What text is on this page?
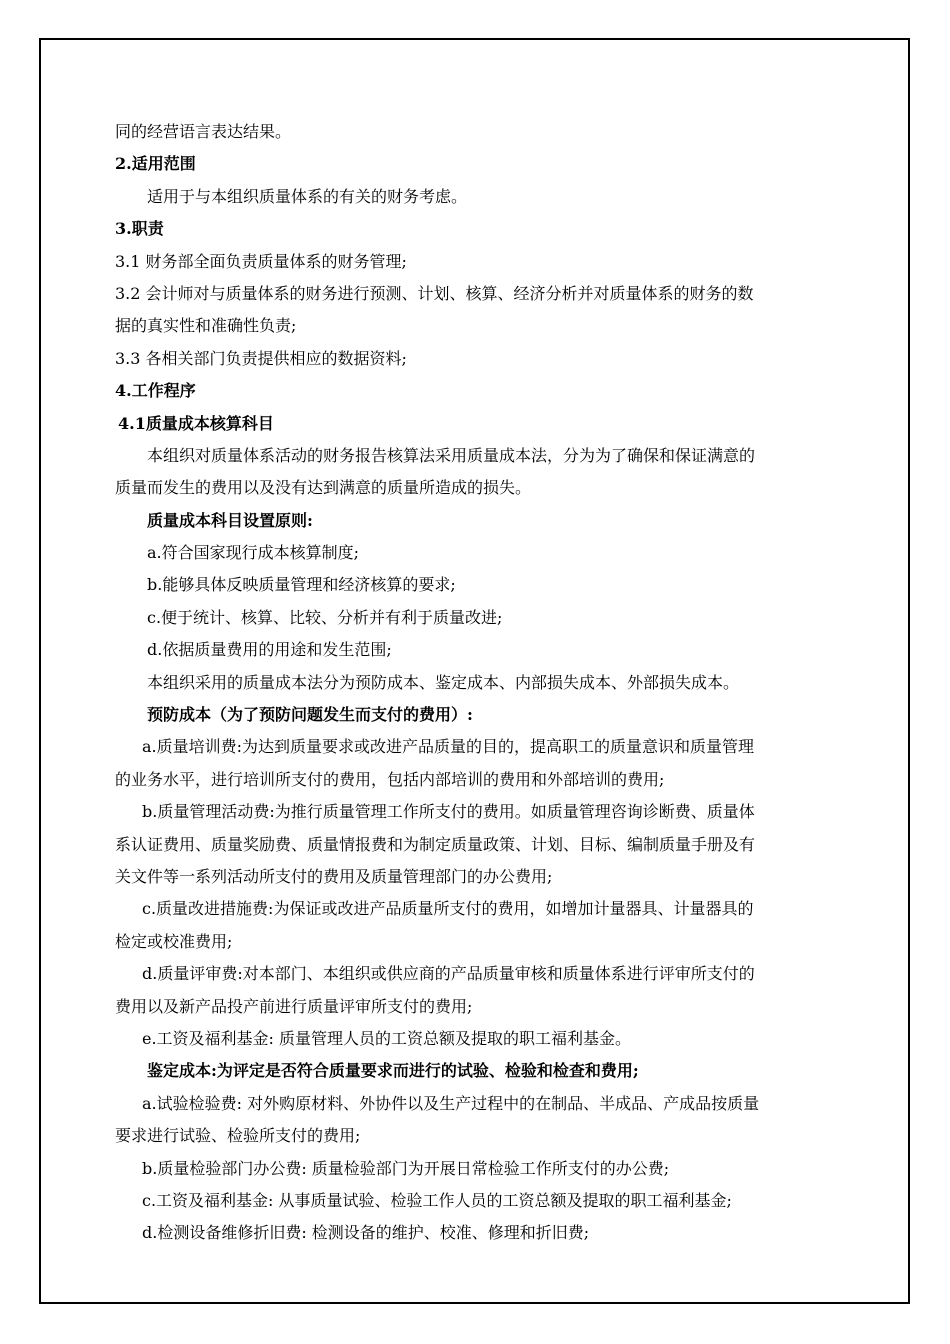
同的经营语言表达结果。
2.适用范围
适用于与本组织质量体系的有关的财务考虑。
3.职责
3.1 财务部全面负责质量体系的财务管理;
3.2 会计师对与质量体系的财务进行预测、计划、核算、经济分析并对质量体系的财务的数
据的真实性和准确性负责;
3.3 各相关部门负责提供相应的数据资料;
4.工作程序
4.1质量成本核算科目
本组织对质量体系活动的财务报告核算法采用质量成本法，分为为了确保和保证满意的
质量而发生的费用以及没有达到满意的质量所造成的损失。
质量成本科目设置原则:
a.符合国家现行成本核算制度;
b.能够具体反映质量管理和经济核算的要求;
c.便于统计、核算、比较、分析并有利于质量改进;
d.依据质量费用的用途和发生范围;
本组织采用的质量成本法分为预防成本、鉴定成本、内部损失成本、外部损失成本。
预防成本（为了预防问题发生而支付的费用）:
a.质量培训费:为达到质量要求或改进产品质量的目的，提高职工的质量意识和质量管理
的业务水平，进行培训所支付的费用，包括内部培训的费用和外部培训的费用;
b.质量管理活动费:为推行质量管理工作所支付的费用。如质量管理咨询诊断费、质量体
系认证费用、质量奖励费、质量情报费和为制定质量政策、计划、目标、编制质量手册及有
关文件等一系列活动所支付的费用及质量管理部门的办公费用;
c.质量改进措施费:为保证或改进产品质量所支付的费用，如增加计量器具、计量器具的
检定或校准费用;
d.质量评审费:对本部门、本组织或供应商的产品质量审核和质量体系进行评审所支付的
费用以及新产品投产前进行质量评审所支付的费用;
e.工资及福利基金: 质量管理人员的工资总额及提取的职工福利基金。
鉴定成本:为评定是否符合质量要求而进行的试验、检验和检查和费用;
a.试验检验费: 对外购原材料、外协件以及生产过程中的在制品、半成品、产成品按质量
要求进行试验、检验所支付的费用;
b.质量检验部门办公费: 质量检验部门为开展日常检验工作所支付的办公费;
c.工资及福利基金: 从事质量试验、检验工作人员的工资总额及提取的职工福利基金;
d.检测设备维修折旧费: 检测设备的维护、校准、修理和折旧费;
